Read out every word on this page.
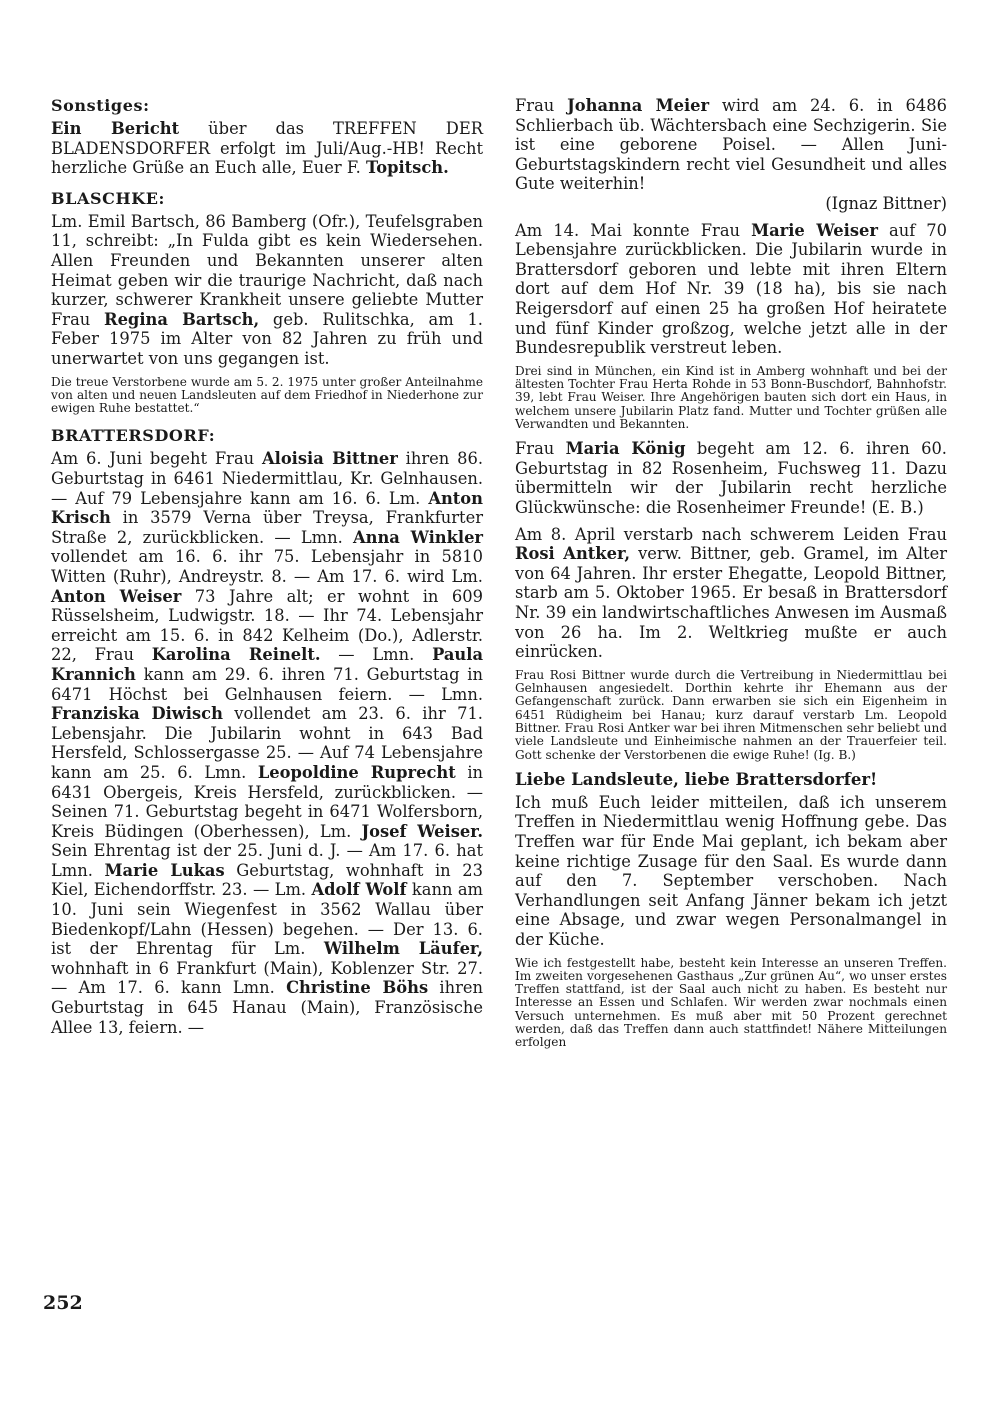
Sonstiges:

Ein Bericht über das TREFFEN DER BLADENSDORFER erfolgt im Juli/Aug.-HB! Recht herzliche Grüße an Euch alle, Euer F. Topitsch.

BLASCHKE:

Lm. Emil Bartsch, 86 Bamberg (Ofr.), Teufelsgraben 11, schreibt: „In Fulda gibt es kein Wiedersehen. Allen Freunden und Bekannten unserer alten Heimat geben wir die traurige Nachricht, daß nach kurzer, schwerer Krankheit unsere geliebte Mutter Frau Regina Bartsch, geb. Rulitschka, am 1. Feber 1975 im Alter von 82 Jahren zu früh und unerwartet von uns gegangen ist.

Die treue Verstorbene wurde am 5. 2. 1975 unter großer Anteilnahme von alten und neuen Landsleuten auf dem Friedhof in Niederhone zur ewigen Ruhe bestattet.“

BRATTERSDORF:

Am 6. Juni begeht Frau Aloisia Bittner ihren 86. Geburtstag in 6461 Niedermittlau, Kr. Gelnhausen. — Auf 79 Lebensjahre kann am 16. 6. Lm. Anton Krisch in 3579 Verna über Treysa, Frankfurter Straße 2, zurückblicken. — Lmn. Anna Winkler vollendet am 16. 6. ihr 75. Lebensjahr in 5810 Witten (Ruhr), Andreystr. 8. — Am 17. 6. wird Lm. Anton Weiser 73 Jahre alt; er wohnt in 609 Rüsselsheim, Ludwigstr. 18. — Ihr 74. Lebensjahr erreicht am 15. 6. in 842 Kelheim (Do.), Adlerstr. 22, Frau Karolina Reinelt. — Lmn. Paula Krannich kann am 29. 6. ihren 71. Geburtstag in 6471 Höchst bei Gelnhausen feiern. — Lmn. Franziska Diwisch vollendet am 23. 6. ihr 71. Lebensjahr. Die Jubilarin wohnt in 643 Bad Hersfeld, Schlossergasse 25. — Auf 74 Lebensjahre kann am 25. 6. Lmn. Leopoldine Ruprecht in 6431 Obergeis, Kreis Hersfeld, zurückblicken. — Seinen 71. Geburtstag begeht in 6471 Wolfersborn, Kreis Büdingen (Oberhessen), Lm. Josef Weiser. Sein Ehrentag ist der 25. Juni d. J. — Am 17. 6. hat Lmn. Marie Lukas Geburtstag, wohnhaft in 23 Kiel, Eichendorffstr. 23. — Lm. Adolf Wolf kann am 10. Juni sein Wiegenfest in 3562 Wallau über Biedenkopf/Lahn (Hessen) begehen. — Der 13. 6. ist der Ehrentag für Lm. Wilhelm Läufer, wohnhaft in 6 Frankfurt (Main), Koblenzer Str. 27. — Am 17. 6. kann Lmn. Christine Böhs ihren Geburtstag in 645 Hanau (Main), Französische Allee 13, feiern. —

Frau Johanna Meier wird am 24. 6. in 6486 Schlierbach üb. Wächtersbach eine Sechzigerin. Sie ist eine geborene Poisel. — Allen Juni-Geburtstagskindern recht viel Gesundheit und alles Gute weiterhin!

(Ignaz Bittner)

Am 14. Mai konnte Frau Marie Weiser auf 70 Lebensjahre zurückblicken. Die Jubilarin wurde in Brattersdorf geboren und lebte mit ihren Eltern dort auf dem Hof Nr. 39 (18 ha), bis sie nach Reigersdorf auf einen 25 ha großen Hof heiratete und fünf Kinder großzog, welche jetzt alle in der Bundesrepublik verstreut leben.

Drei sind in München, ein Kind ist in Amberg wohnhaft und bei der ältesten Tochter Frau Herta Rohde in 53 Bonn-Buschdorf, Bahnhofstr. 39, lebt Frau Weiser. Ihre Angehörigen bauten sich dort ein Haus, in welchem unsere Jubilarin Platz fand. Mutter und Tochter grüßen alle Verwandten und Bekannten.

Frau Maria König begeht am 12. 6. ihren 60. Geburtstag in 82 Rosenheim, Fuchsweg 11. Dazu übermitteln wir der Jubilarin recht herzliche Glückwünsche: die Rosenheimer Freunde! (E. B.)

Am 8. April verstarb nach schwerem Leiden Frau Rosi Antker, verw. Bittner, geb. Gramel, im Alter von 64 Jahren. Ihr erster Ehegatte, Leopold Bittner, starb am 5. Oktober 1965. Er besaß in Brattersdorf Nr. 39 ein landwirtschaftliches Anwesen im Ausmaß von 26 ha. Im 2. Weltkrieg mußte er auch einrücken.

Frau Rosi Bittner wurde durch die Vertreibung in Niedermittlau bei Gelnhausen angesiedelt. Dorthin kehrte ihr Ehemann aus der Gefangenschaft zurück. Dann erwarben sie sich ein Eigenheim in 6451 Rüdigheim bei Hanau; kurz darauf verstarb Lm. Leopold Bittner. Frau Rosi Antker war bei ihren Mitmenschen sehr beliebt und viele Landsleute und Einheimische nahmen an der Trauerfeier teil. Gott schenke der Verstorbenen die ewige Ruhe! (Ig. B.)

Liebe Landsleute, liebe Brattersdorfer!

Ich muß Euch leider mitteilen, daß ich unserem Treffen in Niedermittlau wenig Hoffnung gebe. Das Treffen war für Ende Mai geplant, ich bekam aber keine richtige Zusage für den Saal. Es wurde dann auf den 7. September verschoben. Nach Verhandlungen seit Anfang Jänner bekam ich jetzt eine Absage, und zwar wegen Personalmangel in der Küche.

Wie ich festgestellt habe, besteht kein Interesse an unseren Treffen. Im zweiten vorgesehenen Gasthaus „Zur grünen Au“, wo unser erstes Treffen stattfand, ist der Saal auch nicht zu haben. Es besteht nur Interesse an Essen und Schlafen. Wir werden zwar nochmals einen Versuch unternehmen. Es muß aber mit 50 Prozent gerechnet werden, daß das Treffen dann auch stattfindet! Nähere Mitteilungen erfolgen

252
